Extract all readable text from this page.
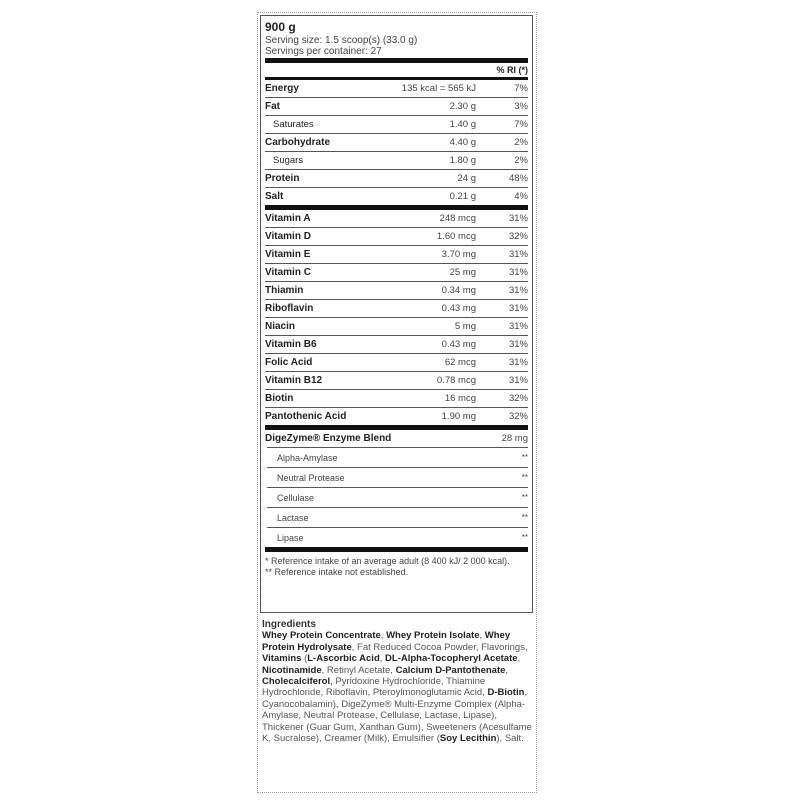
900 g
Serving size: 1.5 scoop(s) (33.0 g)
Servings per container: 27
% RI (*)
Energy	135 kcal = 565 kJ	7%
Fat	2.30 g	3%
Saturates	1.40 g	7%
Carbohydrate	4.40 g	2%
Sugars	1.80 g	2%
Protein	24 g	48%
Salt	0.21 g	4%
Vitamin A	248 mcg	31%
Vitamin D	1.60 mcg	32%
Vitamin E	3.70 mg	31%
Vitamin C	25 mg	31%
Thiamin	0.34 mg	31%
Riboflavin	0.43 mg	31%
Niacin	5 mg	31%
Vitamin B6	0.43 mg	31%
Folic Acid	62 mcg	31%
Vitamin B12	0.78 mcg	31%
Biotin	16 mcg	32%
Pantothenic Acid	1.90 mg	32%
DigeZyme® Enzyme Blend	28 mg
Alpha-Amylase	**
Neutral Protease	**
Cellulase	**
Lactase	**
Lipase	**
* Reference intake of an average adult (8 400 kJ/ 2 000 kcal).
** Reference intake not established.
Ingredients
Whey Protein Concentrate, Whey Protein Isolate, Whey Protein Hydrolysate, Fat Reduced Cocoa Powder, Flavorings, Vitamins (L-Ascorbic Acid, DL-Alpha-Tocopheryl Acetate, Nicotinamide, Retinyl Acetate, Calcium D-Pantothenate, Cholecalciferol, Pyridoxine Hydrochloride, Thiamine Hydrochloride, Riboflavin, Pteroylmonoglutamic Acid, D-Biotin, Cyanocobalamin), DigeZyme® Multi-Enzyme Complex (Alpha-Amylase, Neutral Protease, Cellulase, Lactase, Lipase), Thickener (Guar Gum, Xanthan Gum), Sweeteners (Acesulfame K, Sucralose), Creamer (Milk), Emulsifier (Soy Lecithin), Salt.
